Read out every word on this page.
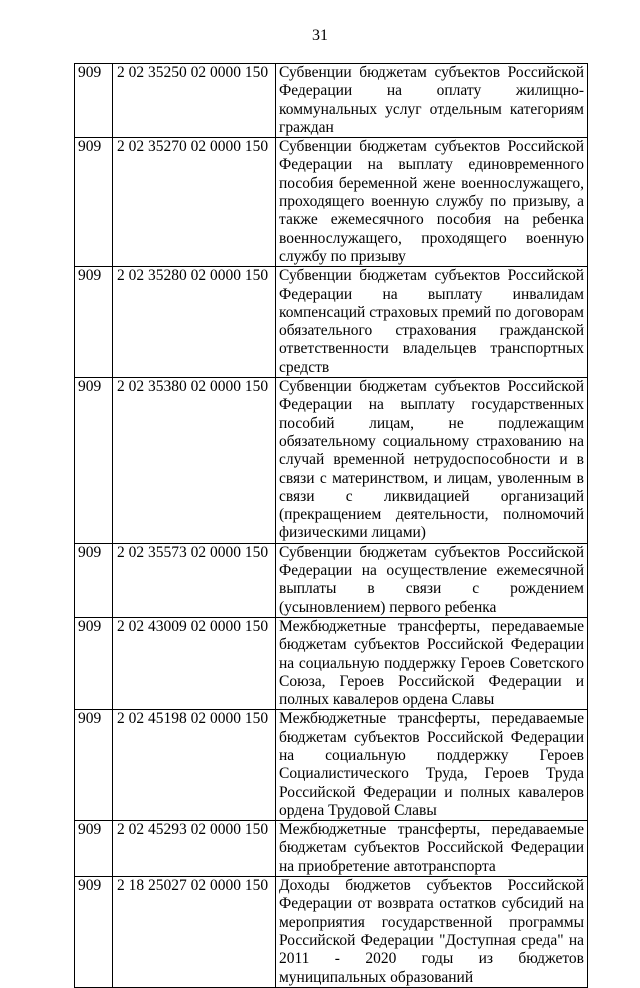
31
909	2 02 35250 02 0000 150	Субвенции бюджетам субъектов Российской Федерации на оплату жилищно-коммунальных услуг отдельным категориям граждан
909	2 02 35270 02 0000 150	Субвенции бюджетам субъектов Российской Федерации на выплату единовременного пособия беременной жене военнослужащего, проходящего военную службу по призыву, а также ежемесячного пособия на ребенка военнослужащего, проходящего военную службу по призыву
909	2 02 35280 02 0000 150	Субвенции бюджетам субъектов Российской Федерации на выплату инвалидам компенсаций страховых премий по договорам обязательного страхования гражданской ответственности владельцев транспортных средств
909	2 02 35380 02 0000 150	Субвенции бюджетам субъектов Российской Федерации на выплату государственных пособий лицам, не подлежащим обязательному социальному страхованию на случай временной нетрудоспособности и в связи с материнством, и лицам, уволенным в связи с ликвидацией организаций (прекращением деятельности, полномочий физическими лицами)
909	2 02 35573 02 0000 150	Субвенции бюджетам субъектов Российской Федерации на осуществление ежемесячной выплаты в связи с рождением (усыновлением) первого ребенка
909	2 02 43009 02 0000 150	Межбюджетные трансферты, передаваемые бюджетам субъектов Российской Федерации на социальную поддержку Героев Советского Союза, Героев Российской Федерации и полных кавалеров ордена Славы
909	2 02 45198 02 0000 150	Межбюджетные трансферты, передаваемые бюджетам субъектов Российской Федерации на социальную поддержку Героев Социалистического Труда, Героев Труда Российской Федерации и полных кавалеров ордена Трудовой Славы
909	2 02 45293 02 0000 150	Межбюджетные трансферты, передаваемые бюджетам субъектов Российской Федерации на приобретение автотранспорта
909	2 18 25027 02 0000 150	Доходы бюджетов субъектов Российской Федерации от возврата остатков субсидий на мероприятия государственной программы Российской Федерации "Доступная среда" на 2011 - 2020 годы из бюджетов муниципальных образований
